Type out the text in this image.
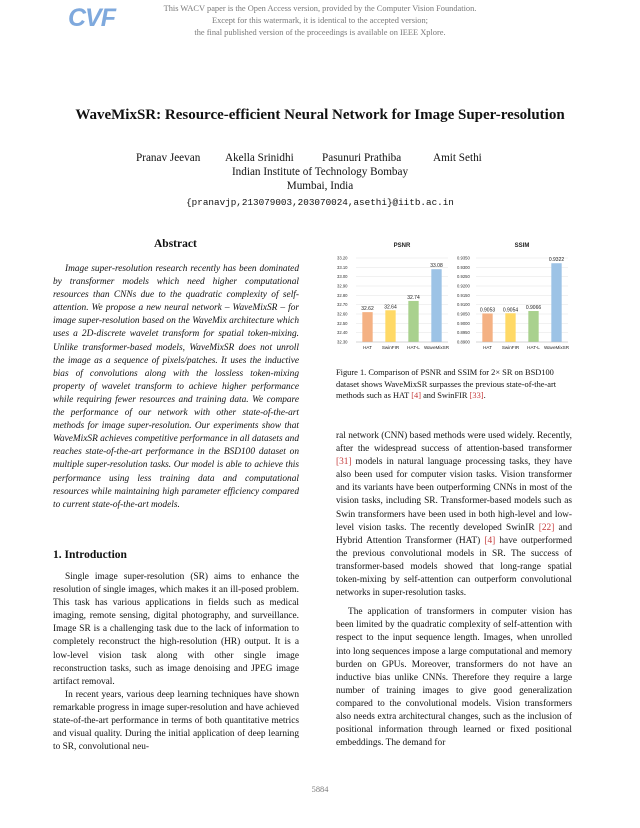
This WACV paper is the Open Access version, provided by the Computer Vision Foundation.
Except for this watermark, it is identical to the accepted version;
the final published version of the proceedings is available on IEEE Xplore.
CVF
WaveMixSR: Resource-efficient Neural Network for Image Super-resolution
Pranav Jeevan Akella Srinidhi	Pasunuri Prathiba	Amit Sethi
Indian Institute of Technology Bombay
Mumbai, India
{pranavjp,213079003,203070024,asethi}@iitb.ac.in
Abstract

Image super-resolution research recently has been dominated by transformer models which need higher computational resources than CNNs due to the quadratic complexity of self-attention. We propose a new neural network – WaveMixSR – for image super-resolution based on the WaveMix architecture which uses a 2D-discrete wavelet transform for spatial token-mixing. Unlike transformer-based models, WaveMixSR does not unroll the image as a sequence of pixels/patches. It uses the inductive bias of convolutions along with the lossless token-mixing property of wavelet transform to achieve higher performance while requiring fewer resources and training data. We compare the performance of our network with other state-of-the-art methods for image super-resolution. Our experiments show that WaveMixSR achieves competitive performance in all datasets and reaches state-of-the-art performance in the BSD100 dataset on multiple super-resolution tasks. Our model is able to achieve this performance using less training data and computational resources while maintaining high parameter efficiency compared to current state-of-the-art models.

1. Introduction

Single image super-resolution (SR) aims to enhance the resolution of single images, which makes it an ill-posed problem. This task has various applications in fields such as medical imaging, remote sensing, digital photography, and surveillance. Image SR is a challenging task due to the lack of information to completely reconstruct the high-resolution (HR) output. It is a low-level vision task along with other single image reconstruction tasks, such as image denoising and JPEG image artifact removal.

In recent years, various deep learning techniques have shown remarkable progress in image super-resolution and have achieved state-of-the-art performance in terms of both quantitative metrics and visual quality. During the initial application of deep learning to SR, convolutional neu-

PSNR
32.30
32.40
32.50
32.60
32.70
32.80
32.90
33.00
33.10
33.20
32.62
HAT
32.64
SwinFIR
32.74
HAT-L
33.08
WaveMixSR
SSIM
0.8900
0.8950
0.9000
0.9050
0.9100
0.9150
0.9200
0.9250
0.9300
0.9350
0.9053
HAT
0.9054
SwinFIR
0.9066
HAT-L
0.9322
WaveMixSR
Figure 1. Comparison of PSNR and SSIM for 2× SR on BSD100 dataset shows WaveMixSR surpasses the previous state-of-the-art methods such as HAT [4] and SwinFIR [33].

ral network (CNN) based methods were used widely. Recently, after the widespread success of attention-based transformer [31] models in natural language processing tasks, they have also been used for computer vision tasks. Vision transformer and its variants have been outperforming CNNs in most of the vision tasks, including SR. Transformer-based models such as Swin transformers have been used in both high-level and low-level vision tasks. The recently developed SwinIR [22] and Hybrid Attention Transformer (HAT) [4] have outperformed the previous convolutional models in SR. The success of transformer-based models showed that long-range spatial token-mixing by self-attention can outperform convolutional networks in super-resolution tasks.

The application of transformers in computer vision has been limited by the quadratic complexity of self-attention with respect to the input sequence length. Images, when unrolled into long sequences impose a large computational and memory burden on GPUs. Moreover, transformers do not have an inductive bias unlike CNNs. Therefore they require a large number of training images to give good generalization compared to the convolutional models. Vision transformers also needs extra architectural changes, such as the inclusion of positional information through learned or fixed positional embeddings. The demand for

5884
